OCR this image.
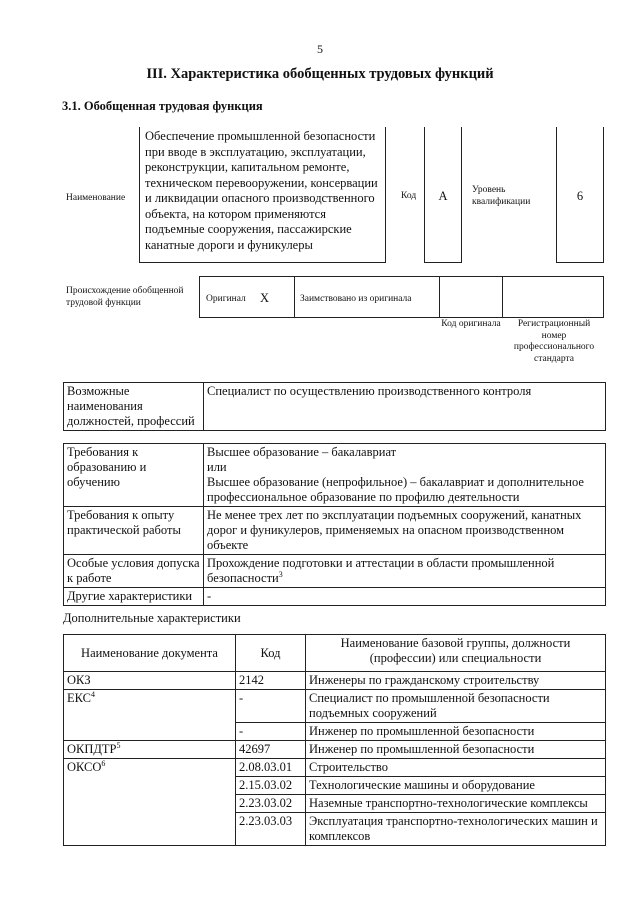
5
III. Характеристика обобщенных трудовых функций
3.1. Обобщенная трудовая функция
Наименование
Обеспечение промышленной безопасности при вводе в эксплуатацию, эксплуатации, реконструкции, капитальном ремонте, техническом перевооружении, консервации и ликвидации опасного производственного объекта, на котором применяются подъемные сооружения, пассажирские канатные дороги и фуникулеры
Код	А	Уровень квалификации	6
Происхождение обобщенной трудовой функции	Оригинал Х	Заимствовано из оригинала
Код оригинала	Регистрационный номер профессионального стандарта
Возможные наименования должностей, профессий	Специалист по осуществлению производственного контроля
Требования к образованию и обучению	Высшее образование – бакалавриат
или
Высшее образование (непрофильное) – бакалавриат и дополнительное профессиональное образование по профилю деятельности

Требования к опыту практической работы	Не менее трех лет по эксплуатации подъемных сооружений, канатных дорог и фуникулеров, применяемых на опасном производственном объекте

Особые условия допуска к работе	Прохождение подготовки и аттестации в области промышленной безопасности$^3$
Другие характеристики	-
Дополнительные характеристики
Наименование документа	Код	Наименование базовой группы, должности (профессии) или специальности
ОКЗ	2142	Инженеры по гражданскому строительству
ЕКС$^4$	-	Специалист по промышленной безопасности подъемных сооружений
	-	Инженер по промышленной безопасности
ОКПДТР$^5$	42697	Инженер по промышленной безопасности
ОКСО$^6$	2.08.03.01	Строительство
	2.15.03.02	Технологические машины и оборудование
	2.23.03.02	Наземные транспортно-технологические комплексы
	2.23.03.03	Эксплуатация транспортно-технологических машин и комплексов
